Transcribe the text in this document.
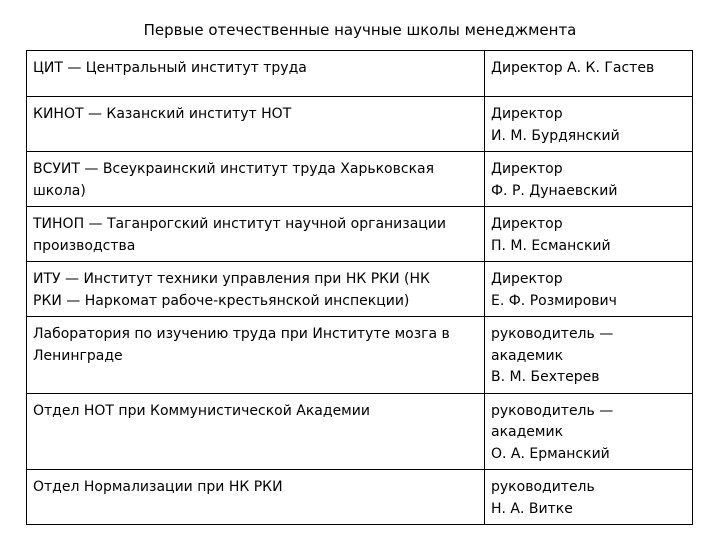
Первые отечественные научные школы менеджмента
ЦИТ — Центральный институт труда	Директор А. К. Гастев
КИНОТ — Казанский институт НОТ	Директор
И. М. Бурдянский
ВСУИТ — Всеукраинский институт труда Харьковская
школа)	Директор
Ф. Р. Дунаевский
ТИНОП — Таганрогский институт научной организации
производства	Директор
П. М. Есманский
ИТУ — Институт техники управления при НК РКИ (НК
РКИ — Наркомат рабоче-крестьянской инспекции)	Директор
Е. Ф. Розмирович
Лаборатория по изучению труда при Институте мозга в
Ленинграде	руководитель —
академик
В. М. Бехтерев
Отдел НОТ при Коммунистической Академии	руководитель —
академик
О. А. Ерманский
Отдел Нормализации при НК РКИ	руководитель
Н. А. Витке
